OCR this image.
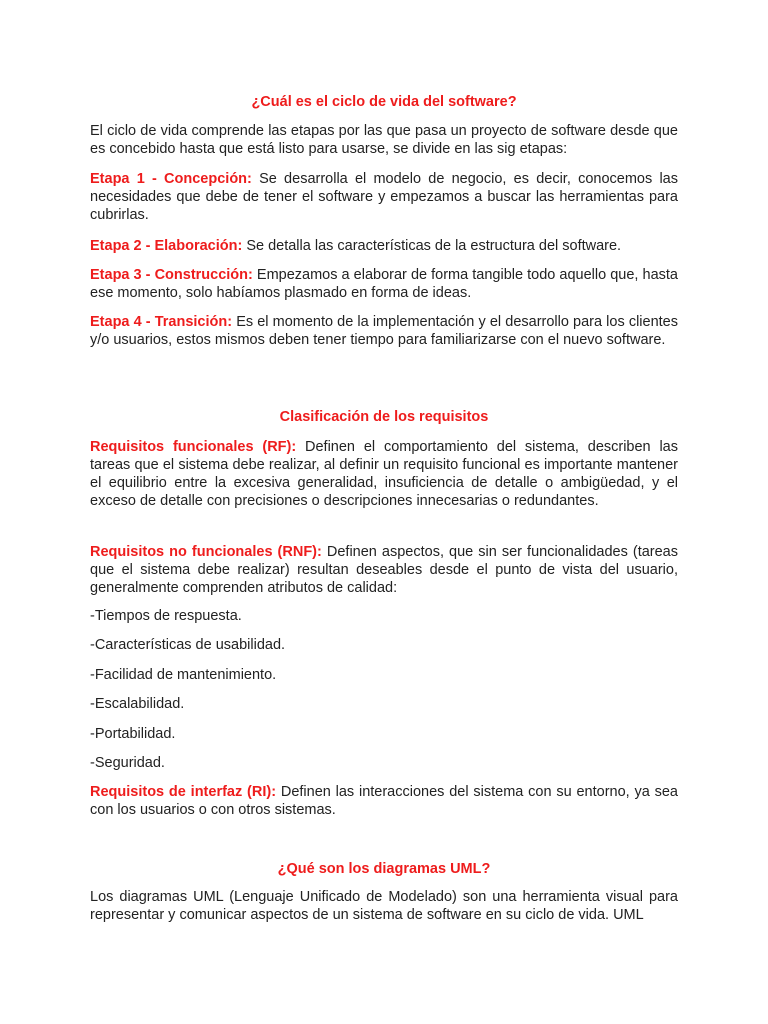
¿Cuál es el ciclo de vida del software?

El ciclo de vida comprende las etapas por las que pasa un proyecto de software desde que es concebido hasta que está listo para usarse, se divide en las sig etapas:

Etapa 1 - Concepción: Se desarrolla el modelo de negocio, es decir, conocemos las necesidades que debe de tener el software y empezamos a buscar las herramientas para cubrirlas.

Etapa 2 - Elaboración: Se detalla las características de la estructura del software.

Etapa 3 - Construcción: Empezamos a elaborar de forma tangible todo aquello que, hasta ese momento, solo habíamos plasmado en forma de ideas.

Etapa 4 - Transición: Es el momento de la implementación y el desarrollo para los clientes y/o usuarios, estos mismos deben tener tiempo para familiarizarse con el nuevo software.

Clasificación de los requisitos

Requisitos funcionales (RF): Definen el comportamiento del sistema, describen las tareas que el sistema debe realizar, al definir un requisito funcional es importante mantener el equilibrio entre la excesiva generalidad, insuficiencia de detalle o ambigüedad, y el exceso de detalle con precisiones o descripciones innecesarias o redundantes.

Requisitos no funcionales (RNF): Definen aspectos, que sin ser funcionalidades (tareas que el sistema debe realizar) resultan deseables desde el punto de vista del usuario, generalmente comprenden atributos de calidad:

-Tiempos de respuesta.
-Características de usabilidad.
-Facilidad de mantenimiento.
-Escalabilidad.
-Portabilidad.
-Seguridad.

Requisitos de interfaz (RI): Definen las interacciones del sistema con su entorno, ya sea con los usuarios o con otros sistemas.

¿Qué son los diagramas UML?

Los diagramas UML (Lenguaje Unificado de Modelado) son una herramienta visual para representar y comunicar aspectos de un sistema de software en su ciclo de vida. UML
